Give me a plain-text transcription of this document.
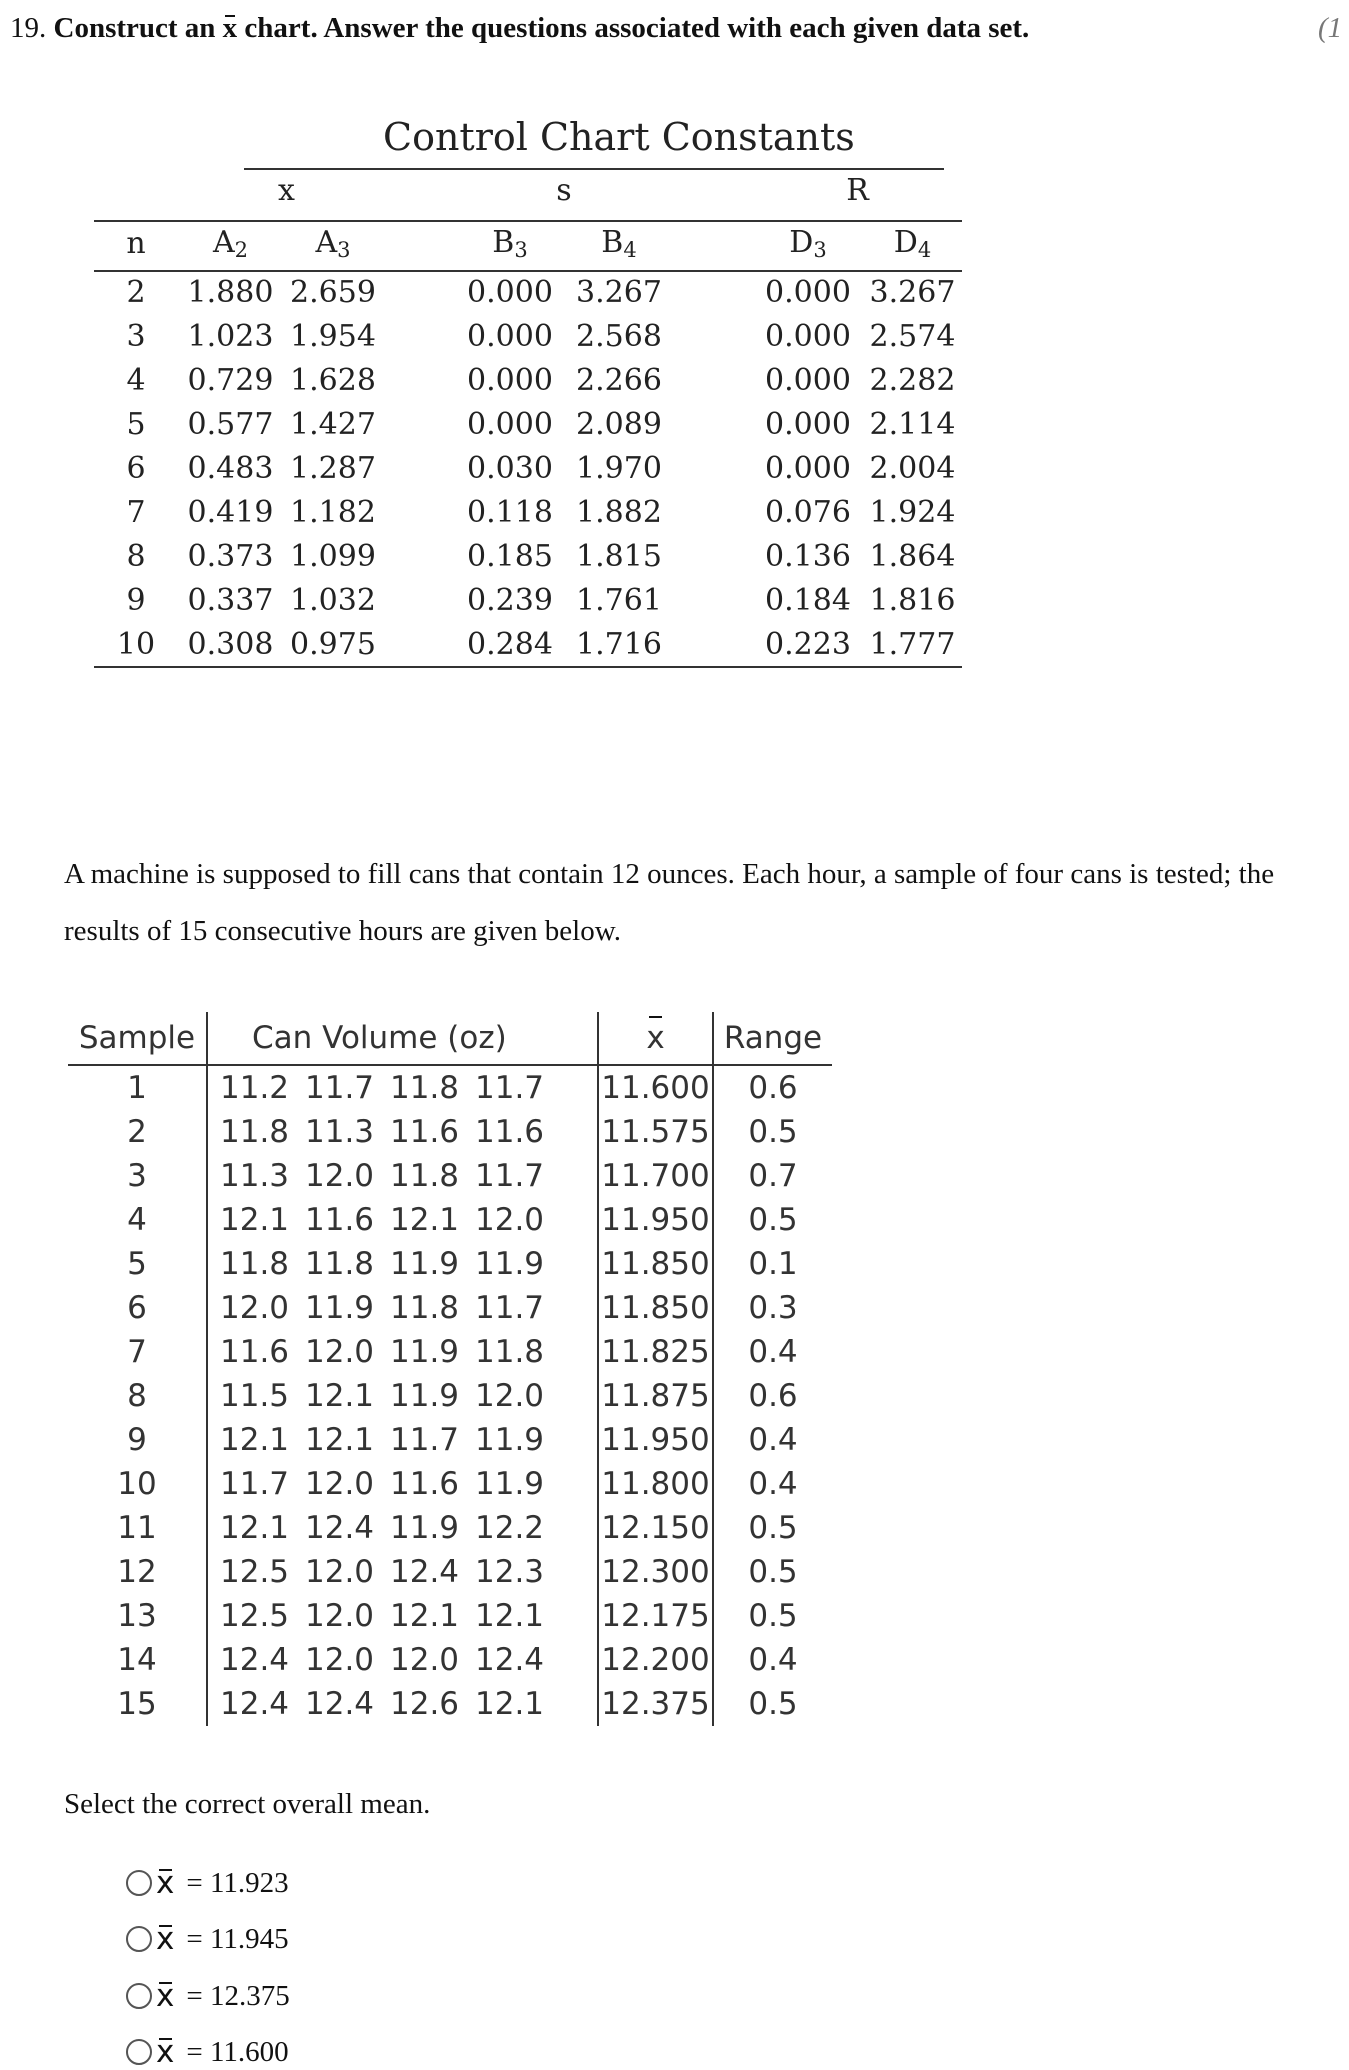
19. Construct an x chart. Answer the questions associated with each given data set.	(1
Control Chart Constants
	x			s			R	
n	A2	A3		B3	B4		D3	D4
2	1.880	2.659		0.000	3.267		0.000	3.267
3	1.023	1.954		0.000	2.568		0.000	2.574
4	0.729	1.628		0.000	2.266		0.000	2.282
5	0.577	1.427		0.000	2.089		0.000	2.114
6	0.483	1.287		0.030	1.970		0.000	2.004
7	0.419	1.182		0.118	1.882		0.076	1.924
8	0.373	1.099		0.185	1.815		0.136	1.864
9	0.337	1.032		0.239	1.761		0.184	1.816
10	0.308	0.975		0.284	1.716		0.223	1.777
A machine is supposed to fill cans that contain 12 ounces. Each hour, a sample of four cans is tested; the results of 15 consecutive hours are given below.
Sample	Can Volume (oz)	x	Range
1	11.2 11.7 11.8 11.7	11.600	0.6
2	11.8 11.3 11.6 11.6	11.575	0.5
3	11.3 12.0 11.8 11.7	11.700	0.7
4	12.1 11.6 12.1 12.0	11.950	0.5
5	11.8 11.8 11.9 11.9	11.850	0.1
6	12.0 11.9 11.8 11.7	11.850	0.3
7	11.6 12.0 11.9 11.8	11.825	0.4
8	11.5 12.1 11.9 12.0	11.875	0.6
9	12.1 12.1 11.7 11.9	11.950	0.4
10	11.7 12.0 11.6 11.9	11.800	0.4
11	12.1 12.4 11.9 12.2	12.150	0.5
12	12.5 12.0 12.4 12.3	12.300	0.5
13	12.5 12.0 12.1 12.1	12.175	0.5
14	12.4 12.0 12.0 12.4	12.200	0.4
15	12.4 12.4 12.6 12.1	12.375	0.5
Select the correct overall mean.
x = 11.923
x = 11.945
x = 12.375
x = 11.600
